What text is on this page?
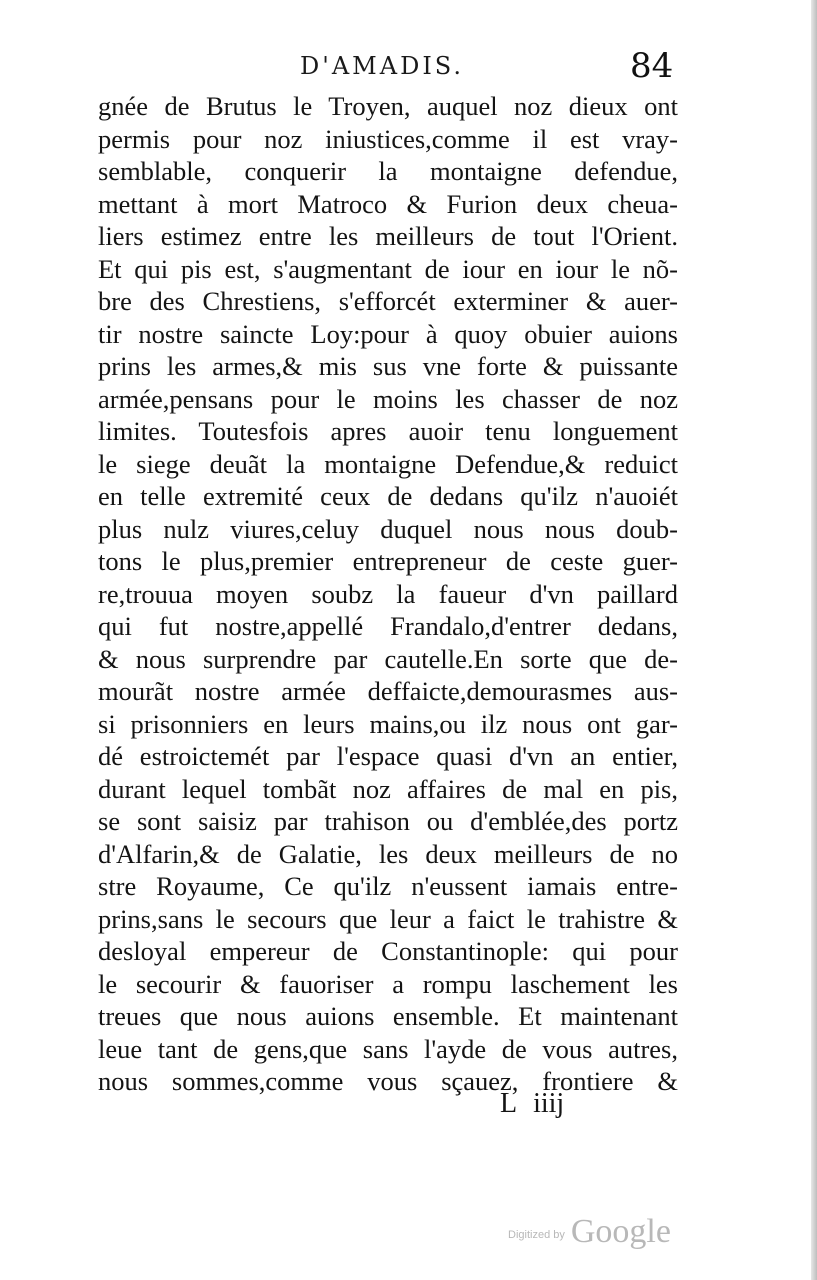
D'AMADIS.	84
gnée de Brutus le Troyen, auquel noz dieux ont
permis pour noz iniustices,comme il est vray-
semblable, conquerir la montaigne defendue,
mettant à mort Matroco & Furion deux cheua-
liers estimez entre les meilleurs de tout l'Orient.
Et qui pis est, s'augmentant de iour en iour le nõ-
bre des Chrestiens, s'efforcét exterminer & auer-
tir nostre saincte Loy:pour à quoy obuier auions
prins les armes,& mis sus vne forte & puissante
armée,pensans pour le moins les chasser de noz
limites. Toutesfois apres auoir tenu longuement
le siege deuãt la montaigne Defendue,& reduict
en telle extremité ceux de dedans qu'ilz n'auoiét
plus nulz viures,celuy duquel nous nous doub-
tons le plus,premier entrepreneur de ceste guer-
re,trouua moyen soubz la faueur d'vn paillard
qui fut nostre,appellé Frandalo,d'entrer dedans,
& nous surprendre par cautelle.En sorte que de-
mourãt nostre armée deffaicte,demourasmes aus-
si prisonniers en leurs mains,ou ilz nous ont gar-
dé estroictemét par l'espace quasi d'vn an entier,
durant lequel tombãt noz affaires de mal en pis,
se sont saisiz par trahison ou d'emblée,des portz
d'Alfarin,& de Galatie, les deux meilleurs de no
stre Royaume, Ce qu'ilz n'eussent iamais entre-
prins,sans le secours que leur a faict le trahistre &
desloyal empereur de Constantinople: qui pour
le secourir & fauoriser a rompu laschement les
treues que nous auions ensemble. Et maintenant
leue tant de gens,que sans l'ayde de vous autres,
nous sommes,comme vous sçauez, frontiere &
L iiij
$^{Digitized by}$ Google
